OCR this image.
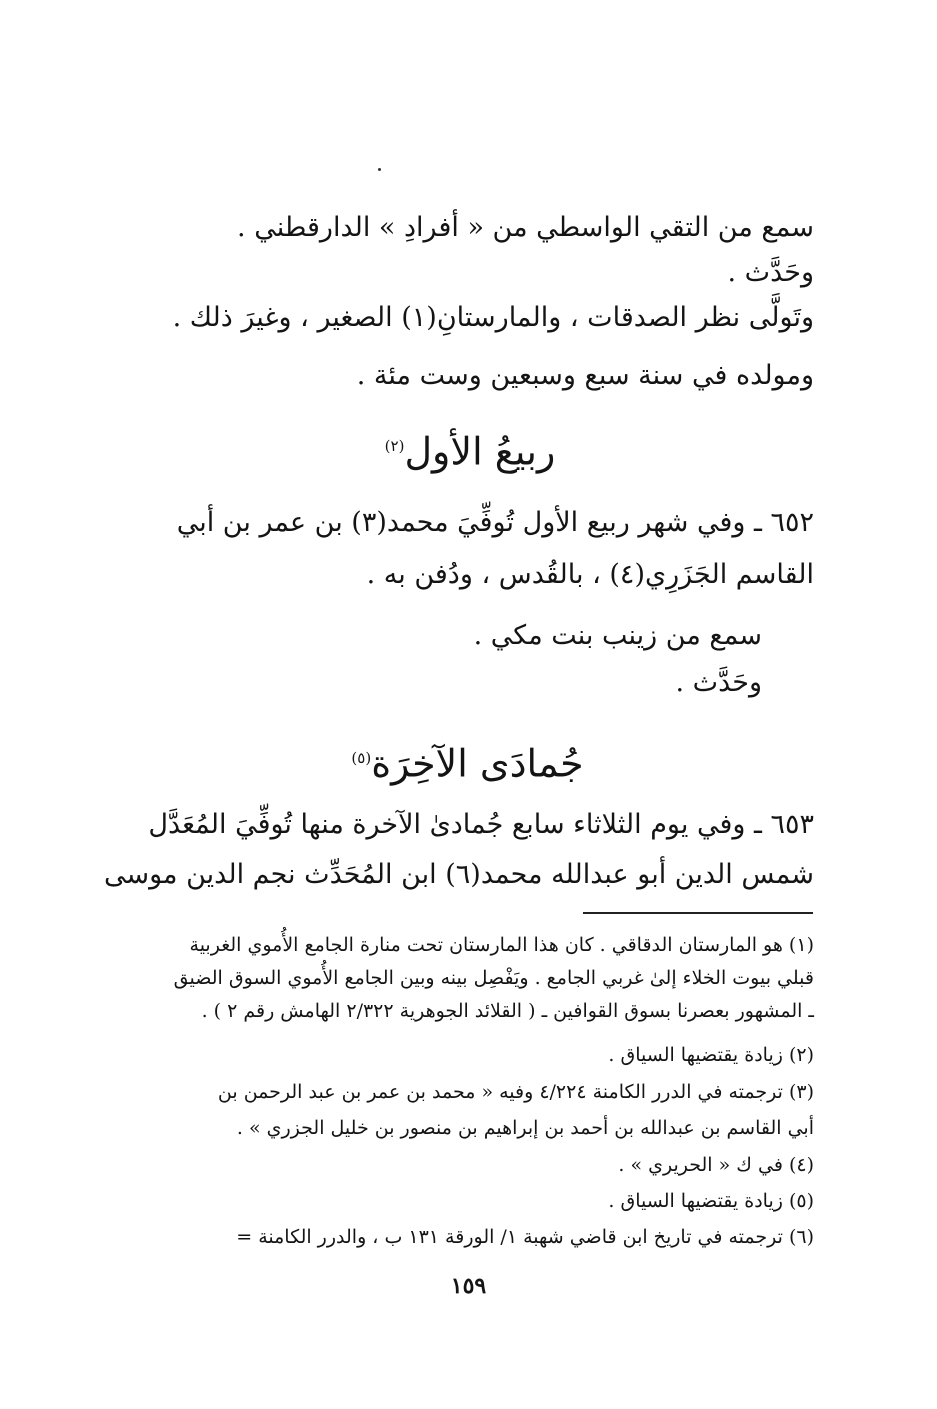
سمع من التقي الواسطي من « أفرادِ » الدارقطني .
وحَدَّث .
وتَولَّى نظر الصدقات ، والمارستانِ(١) الصغير ، وغيرَ ذلك .
ومولده في سنة سبع وسبعين وست مئة .
ربيعُ الأول$^{(٢)}$
٦٥٢ ـ وفي شهر ربيع الأول تُوفِّيَ محمد(٣) بن عمر بن أبي
القاسم الجَزَرِي(٤) ، بالقُدس ، ودُفن به .
سمع من زينب بنت مكي .
وحَدَّث .
جُمادَى الآخِرَة$^{(٥)}$
٦٥٣ ـ وفي يوم الثلاثاء سابع جُمادىٰ الآخرة منها تُوفِّيَ المُعَدَّل
شمس الدين أبو عبدالله محمد(٦) ابن المُحَدِّث نجم الدين موسى
(١) هو المارستان الدقاقي . كان هذا المارستان تحت منارة الجامع الأُموي الغربية
قبلي بيوت الخلاء إلىٰ غربي الجامع . ويَفْصِل بينه وبين الجامع الأُموي السوق الضيق
ـ المشهور بعصرنا بسوق القوافين ـ ( القلائد الجوهرية ٢/٣٢٢ الهامش رقم ٢ ) .
(٢) زيادة يقتضيها السياق .
(٣) ترجمته في الدرر الكامنة ٤/٢٢٤ وفيه « محمد بن عمر بن عبد الرحمن بن
أبي القاسم بن عبدالله بن أحمد بن إبراهيم بن منصور بن خليل الجزري » .
(٤) في ك « الحريري » .
(٥) زيادة يقتضيها السياق .
(٦) ترجمته في تاريخ ابن قاضي شهبة ١/ الورقة ١٣١ ب ، والدرر الكامنة =
١٥٩
